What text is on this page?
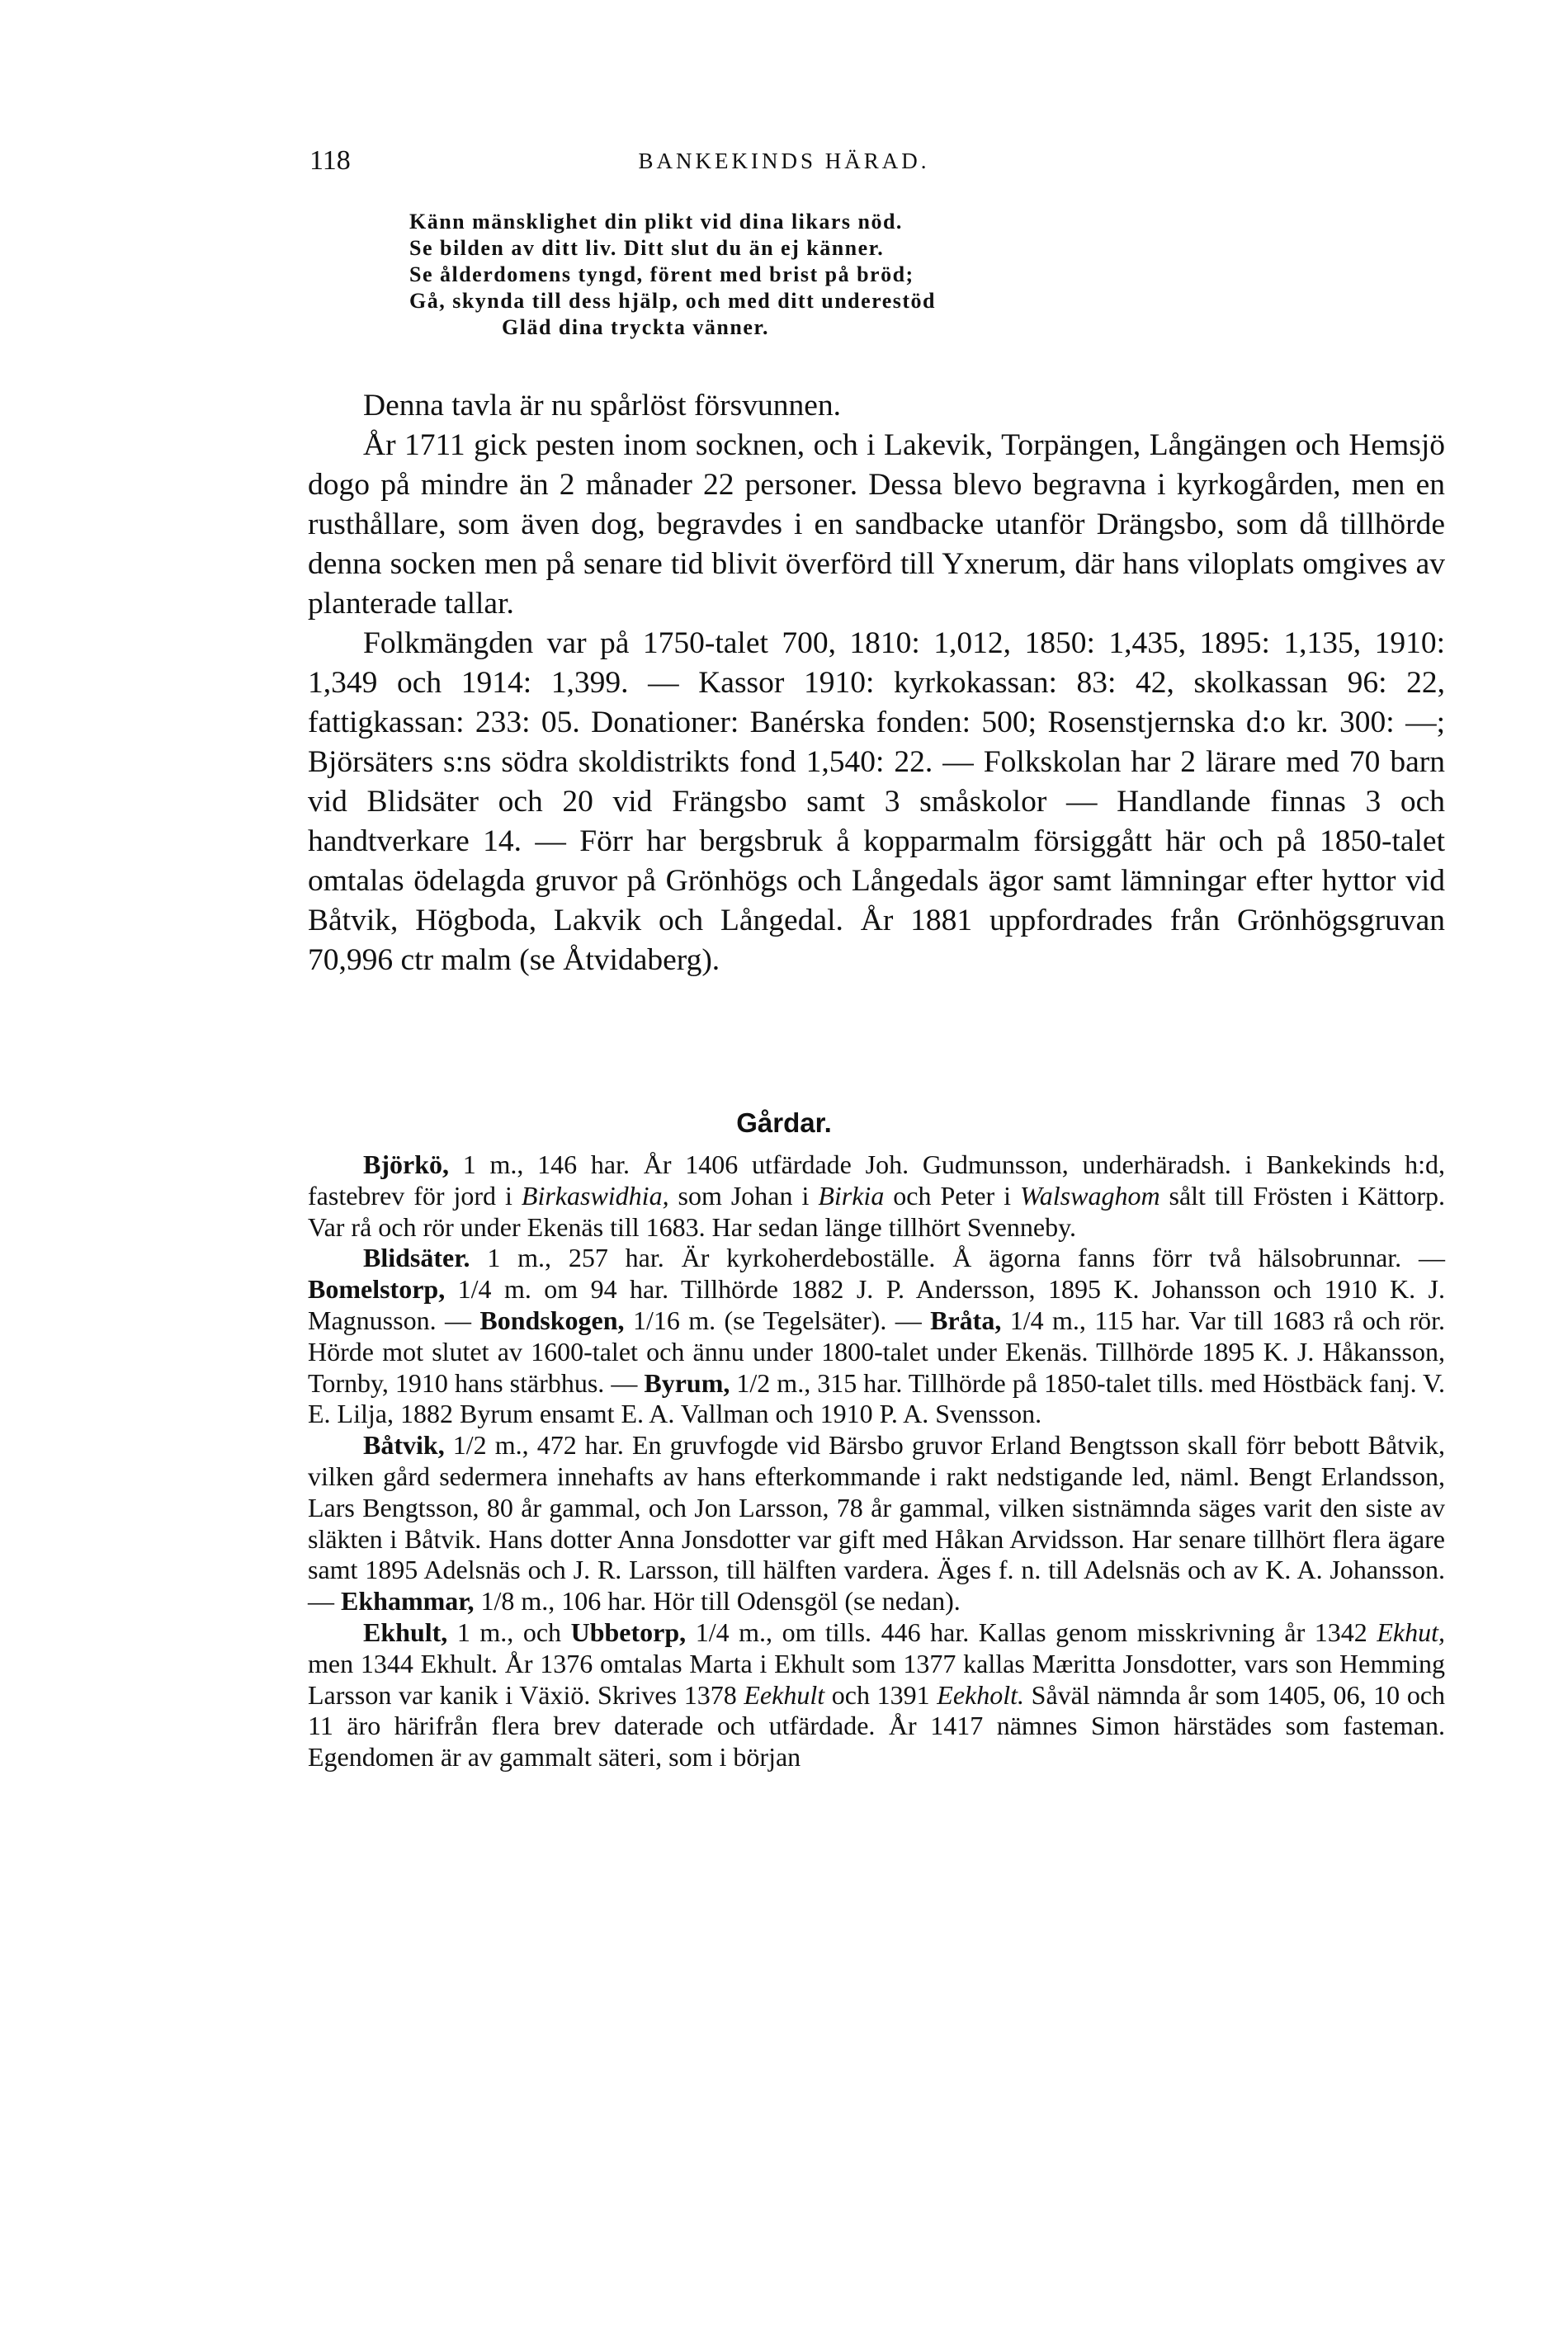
118	BANKEKINDS HÄRAD.
Känn mänsklighet din plikt vid dina likars nöd.
Se bilden av ditt liv. Ditt slut du än ej känner.
Se ålderdomens tyngd, förent med brist på bröd;
Gå, skynda till dess hjälp, och med ditt underestöd
Gläd dina tryckta vänner.

Denna tavla är nu spårlöst försvunnen.

År 1711 gick pesten inom socknen, och i Lakevik, Torpängen, Långängen och Hemsjö dogo på mindre än 2 månader 22 personer. Dessa blevo begravna i kyrkogården, men en rusthållare, som även dog, begravdes i en sandbacke utanför Drängsbo, som då tillhörde denna socken men på senare tid blivit överförd till Yxnerum, där hans viloplats omgives av planterade tallar.

Folkmängden var på 1750-talet 700, 1810: 1,012, 1850: 1,435, 1895: 1,135, 1910: 1,349 och 1914: 1,399. — Kassor 1910: kyrkokassan: 83: 42, skolkassan 96: 22, fattigkassan: 233: 05. Donationer: Banérska fonden: 500; Rosenstjernska d:o kr. 300: —; Björsäters s:ns södra skoldistrikts fond 1,540: 22. — Folkskolan har 2 lärare med 70 barn vid Blidsäter och 20 vid Frängsbo samt 3 småskolor — Handlande finnas 3 och handtverkare 14. — Förr har bergsbruk å kopparmalm försiggått här och på 1850-talet omtalas ödelagda gruvor på Grönhögs och Långedals ägor samt lämningar efter hyttor vid Båtvik, Högboda, Lakvik och Långedal. År 1881 uppfordrades från Grönhögsgruvan 70,996 ctr malm (se Åtvidaberg).

Gårdar.

Björkö, 1 m., 146 har. År 1406 utfärdade Joh. Gudmunsson, underhäradsh. i Bankekinds h:d, fastebrev för jord i Birkaswidhia, som Johan i Birkia och Peter i Walswaghom sålt till Frösten i Kättorp. Var rå och rör under Ekenäs till 1683. Har sedan länge tillhört Svenneby.

Blidsäter. 1 m., 257 har. Är kyrkoherdeboställe. Å ägorna fanns förr två hälsobrunnar. — Bomelstorp, 1/4 m. om 94 har. Tillhörde 1882 J. P. Andersson, 1895 K. Johansson och 1910 K. J. Magnusson. — Bondskogen, 1/16 m. (se Tegelsäter). — Bråta, 1/4 m., 115 har. Var till 1683 rå och rör. Hörde mot slutet av 1600-talet och ännu under 1800-talet under Ekenäs. Tillhörde 1895 K. J. Håkansson, Tornby, 1910 hans stärbhus. — Byrum, 1/2 m., 315 har. Tillhörde på 1850-talet tills. med Höstbäck fanj. V. E. Lilja, 1882 Byrum ensamt E. A. Vallman och 1910 P. A. Svensson.

Båtvik, 1/2 m., 472 har. En gruvfogde vid Bärsbo gruvor Erland Bengtsson skall förr bebott Båtvik, vilken gård sedermera innehafts av hans efterkommande i rakt nedstigande led, näml. Bengt Erlandsson, Lars Bengtsson, 80 år gammal, och Jon Larsson, 78 år gammal, vilken sistnämnda säges varit den siste av släkten i Båtvik. Hans dotter Anna Jonsdotter var gift med Håkan Arvidsson. Har senare tillhört flera ägare samt 1895 Adelsnäs och J. R. Larsson, till hälften vardera. Äges f. n. till Adelsnäs och av K. A. Johansson. — Ekhammar, 1/8 m., 106 har. Hör till Odensgöl (se nedan).

Ekhult, 1 m., och Ubbetorp, 1/4 m., om tills. 446 har. Kallas genom misskrivning år 1342 Ekhut, men 1344 Ekhult. År 1376 omtalas Marta i Ekhult som 1377 kallas Mæritta Jonsdotter, vars son Hemming Larsson var kanik i Växiö. Skrives 1378 Eekhult och 1391 Eekholt. Såväl nämnda år som 1405, 06, 10 och 11 äro härifrån flera brev daterade och utfärdade. År 1417 nämnes Simon härstädes som fasteman. Egendomen är av gammalt säteri, som i början
